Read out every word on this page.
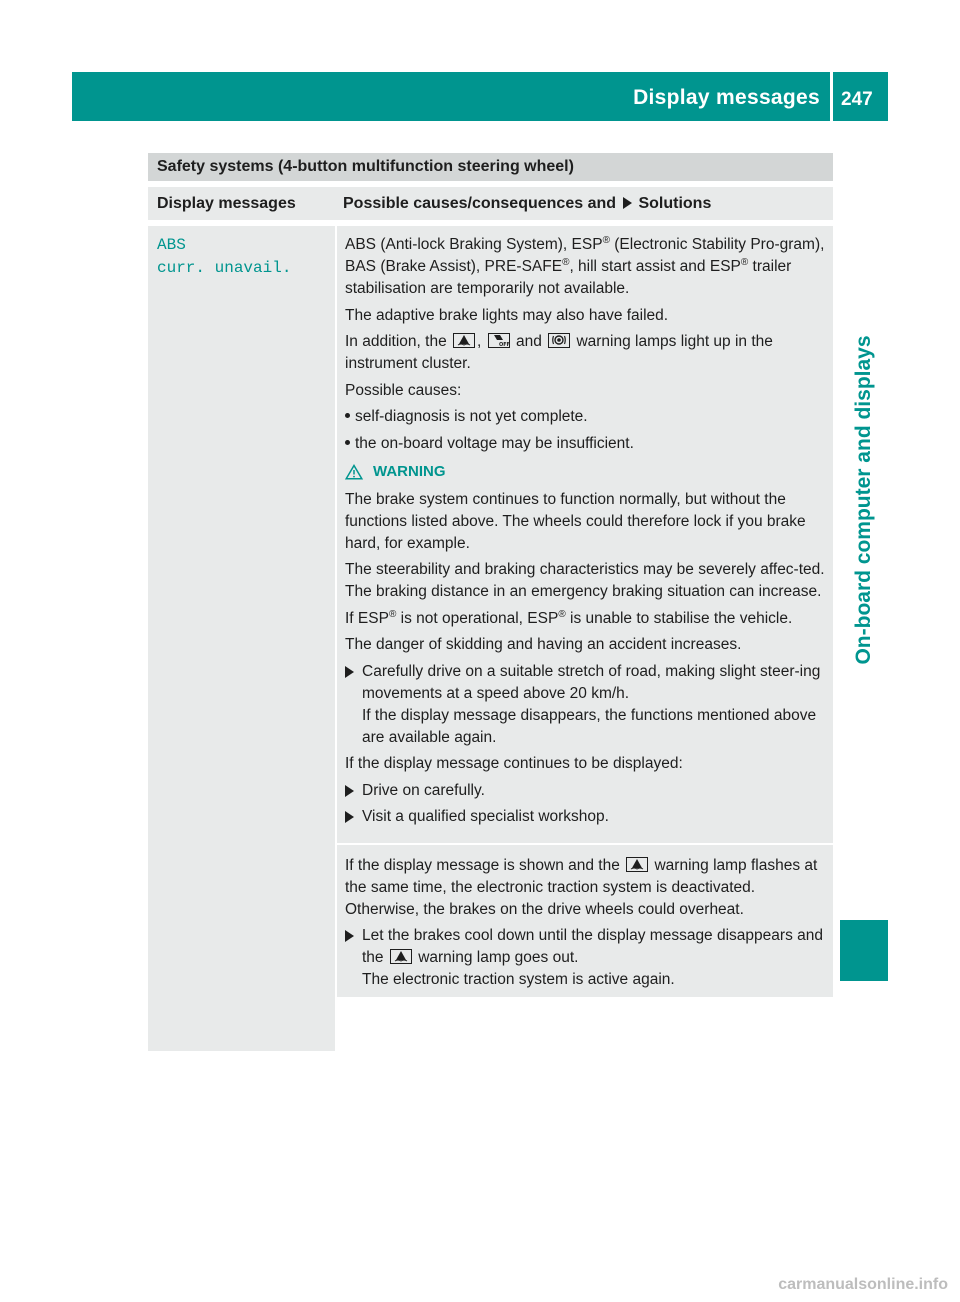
Display messages 247
On-board computer and displays
Safety systems (4-button multifunction steering wheel)
Display messages	Possible causes/consequences and Solutions
ABS
curr. unavail.

ABS (Anti-lock Braking System), ESP® (Electronic Stability Pro-gram), BAS (Brake Assist), PRE-SAFE®, hill start assist and ESP® trailer stabilisation are temporarily not available.

The adaptive brake lights may also have failed.

In addition, the ,	OFF and warning lamps light up in the instrument cluster.

Possible causes:

self-diagnosis is not yet complete.
the on-board voltage may be insufficient.
WARNING

The brake system continues to function normally, but without the functions listed above. The wheels could therefore lock if you brake hard, for example.

The steerability and braking characteristics may be severely affec-ted. The braking distance in an emergency braking situation can increase.

If ESP® is not operational, ESP® is unable to stabilise the vehicle.

The danger of skidding and having an accident increases.

Carefully drive on a suitable stretch of road, making slight steer-ing movements at a speed above 20 km/h.
If the display message disappears, the functions mentioned above are available again.

If the display message continues to be displayed:

Drive on carefully.
Visit a qualified specialist workshop.

If the display message is shown and the warning lamp flashes at the same time, the electronic traction system is deactivated. Otherwise, the brakes on the drive wheels could overheat.

Let the brakes cool down until the display message disappears and the warning lamp goes out.
The electronic traction system is active again.
carmanualsonline.info
